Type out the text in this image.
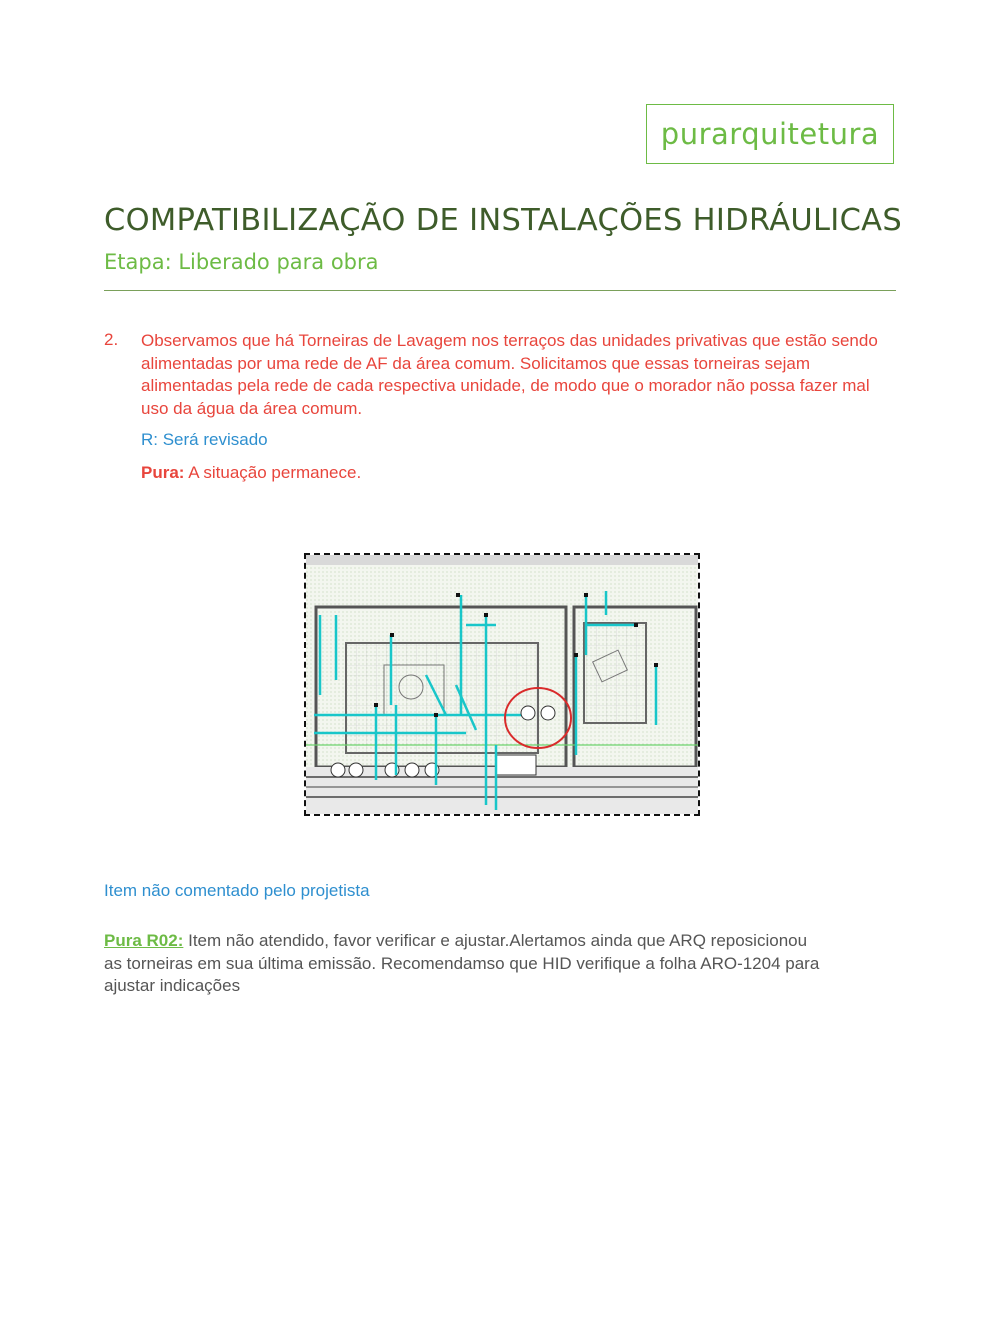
purarquitetura
COMPATIBILIZAÇÃO DE INSTALAÇÕES HIDRÁULICAS
Etapa: Liberado para obra
2. Observamos que há Torneiras de Lavagem nos terraços das unidades privativas que estão sendo alimentadas por uma rede de AF da área comum. Solicitamos que essas torneiras sejam alimentadas pela rede de cada respectiva unidade, de modo que o morador não possa fazer mal uso da água da área comum.
R: Será revisado
Pura: A situação permanece.
Item não comentado pelo projetista
Pura R02: Item não atendido, favor verificar e ajustar.Alertamos ainda que ARQ reposicionou as torneiras em sua última emissão. Recomendamso que HID verifique a folha ARO-1204 para ajustar indicações
